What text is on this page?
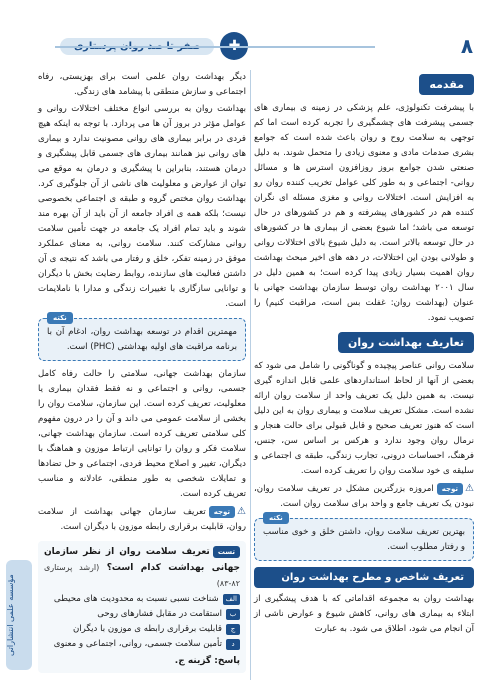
۸
مؤسسه علمی انتشاراتی
مقدمه

با پیشرفت تکنولوژی، علم پزشکی در زمینه ی بیماری های جسمی پیشرفت های چشمگیری را تجربه کرده است اما کم توجهی به سلامت روح و روان باعث شده است که جوامع بشری صدمات مادی و معنوی زیادی را متحمل شوند. به دلیل صنعتی شدن جوامع بروز روزافزون استرس ها و مسائل روانی- اجتماعی و به طور کلی عوامل تخریب کننده روان رو به افزایش است. اختلالات روانی و مغزی مسئله ای نگران کننده هم در کشورهای پیشرفته و هم در کشورهای در حال توسعه می باشد؛ اما شیوع بعضی از بیماری ها در کشورهای در حال توسعه بالاتر است. به دلیل شیوع بالای اختلالات روانی و طولانی بودن این اختلالات، در دهه های اخیر مبحث بهداشت روان اهمیت بسیار زیادی پیدا کرده است؛ به همین دلیل در سال ۲۰۰۱ بهداشت روان توسط سازمان بهداشت جهانی با عنوان (بهداشت روان: غفلت بس است، مراقبت کنیم) را تصویب نمود.

تعاریف بهداشت روان

سلامت روانی عناصر پیچیده و گوناگونی را شامل می شود که بعضی از آنها از لحاظ استانداردهای علمی قابل اندازه گیری نیست. به همین دلیل یک تعریف واحد از سلامت روان ارائه نشده است. مشکل تعریف سلامت و بیماری روان به این دلیل است که هنوز تعریف صحیح و قابل قبولی برای حالت هنجار و نرمال روان وجود ندارد و هرکس بر اساس سن، جنس، فرهنگ، احساسات درونی، تجارب زندگی، طبقه ی اجتماعی و سلیقه ی خود سلامت روان را تعریف کرده است.

⚠توجهامروزه بزرگترین مشکل در تعریف سلامت روان، نبودن یک تعریف جامع و واحد برای سلامت روان است.

نکته
بهترین تعریف سلامت روان، داشتن خلق و خوی مناسب و رفتار مطلوب است.
تعریف شاخص و مطرح بهداشت روان

بهداشت روان به مجموعه اقداماتی که با هدف پیشگیری از ابتلاء به بیماری های روانی، کاهش شیوع و عوارض ناشی از آن انجام می شود، اطلاق می شود. به عبارت

دیگر بهداشت روان علمی است برای بهزیستی، رفاه اجتماعی و سازش منطقی با پیشامد های زندگی.

بهداشت روان به بررسی انواع مختلف اختلالات روانی و عوامل مؤثر در بروز آن ها می پردازد. با توجه به اینکه هیچ فردی در برابر بیماری های روانی مصونیت ندارد و بیماری های روانی نیز همانند بیماری های جسمی قابل پیشگیری و درمان هستند، بنابراین با پیشگیری و درمان به موقع می توان از عوارض و معلولیت های ناشی از آن جلوگیری کرد. بهداشت روان مختص گروه و طبقه ی اجتماعی بخصوصی نیست؛ بلکه همه ی افراد جامعه از آن باید از آن بهره مند شوند و باید تمام افراد یک جامعه در جهت تأمین سلامت روانی مشارکت کنند. سلامت روانی، به معنای عملکرد موفق در زمینه تفکر، خلق و رفتار می باشد که نتیجه ی آن داشتن فعالیت های سازنده، روابط رضایت بخش با دیگران و توانایی سازگاری با تغییرات زندگی و مدارا با ناملایمات است.

نکته
مهمترین اقدام در توسعه بهداشت روان، ادغام آن با برنامه مراقبت های اولیه بهداشتی (PHC) است.

سازمان بهداشت جهانی، سلامتی را حالت رفاه کامل جسمی، روانی و اجتماعی و نه فقط فقدان بیماری یا معلولیت، تعریف کرده است. این سازمان، سلامت روان را بخشی از سلامت عمومی می داند و آن را در درون مفهوم کلی سلامتی تعریف کرده است. سازمان بهداشت جهانی، سلامت فکر و روان را توانایی ارتباط موزون و هماهنگ با دیگران، تغییر و اصلاح محیط فردی، اجتماعی و حل تضادها و تمایلات شخصی به طور منطقی، عادلانه و مناسب تعریف کرده است.

⚠توجهتعریف سازمان جهانی بهداشت از سلامت روان، قابلیت برقراری رابطه موزون با دیگران است.

تستتعریف سلامت روان از نظر سازمان جهانی بهداشت کدام است؟ (ارشد پرستاری ۸۲-۸۳)
الف
شناخت نسبی نسبت به محدودیت های محیطی
ب
استقامت در مقابل فشارهای روحی
ج
قابلیت برقراری رابطه ی موزون با دیگران
د
تأمین سلامت جسمی، روانی، اجتماعی و معنوی
پاسخ: گزینه ج.
